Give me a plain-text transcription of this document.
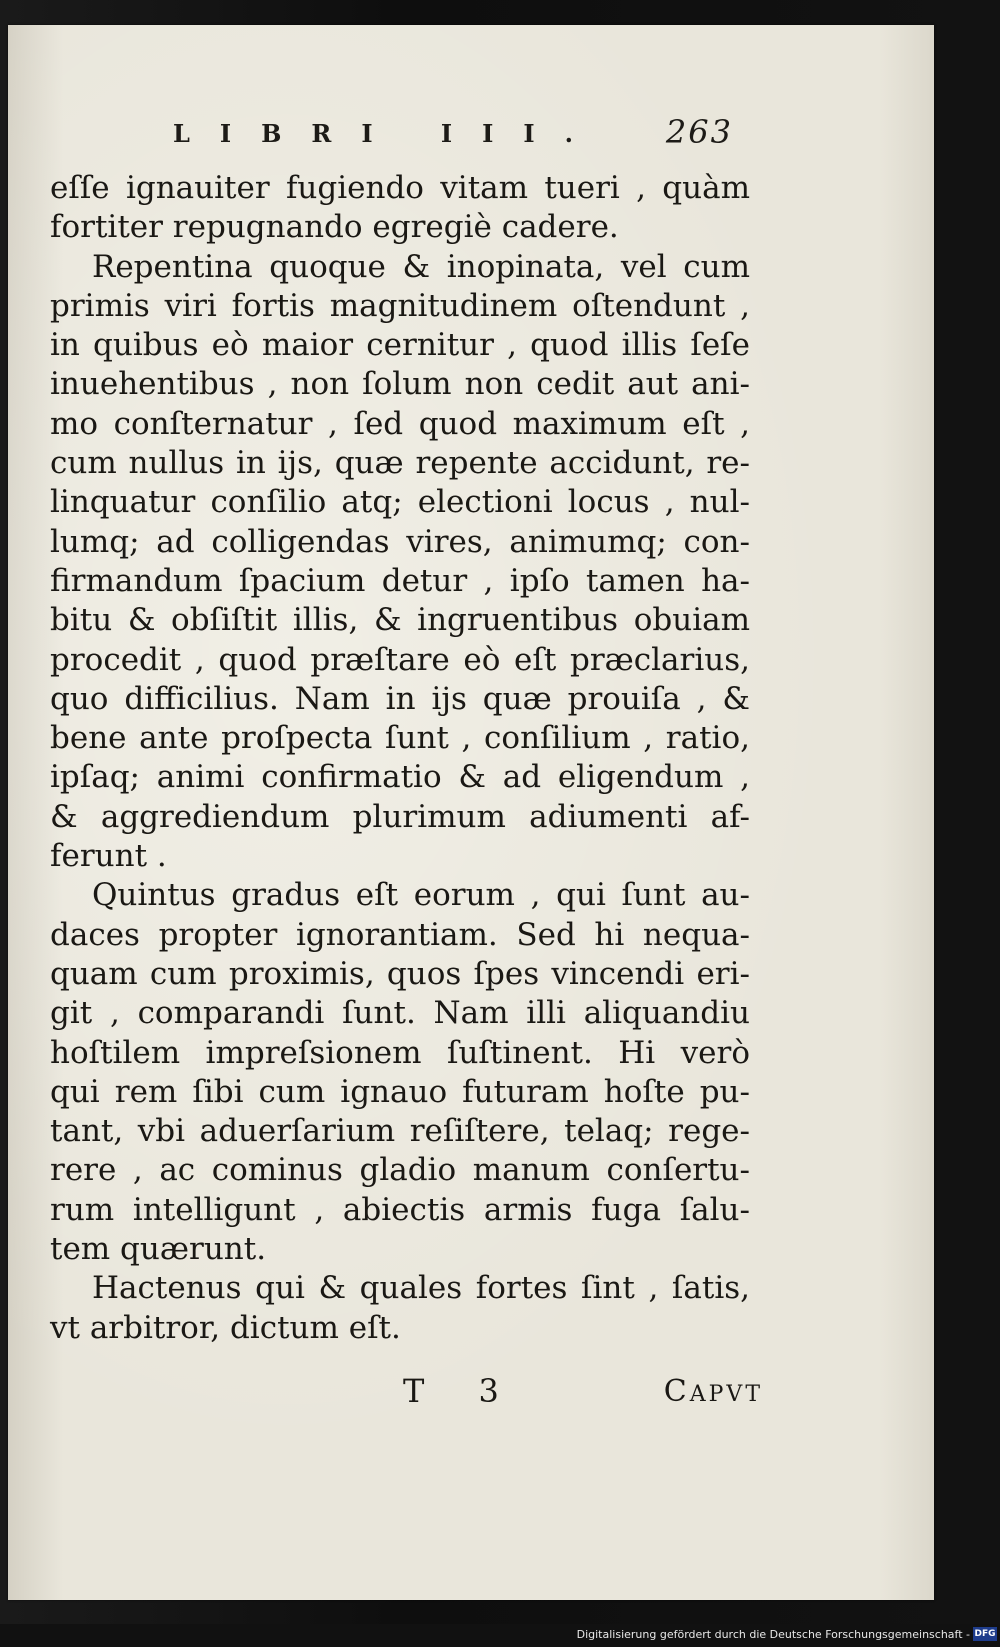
LIBRI III. 263
eſſe ignauiter fugiendo vitam tueri , quàm
fortiter repugnando egregiè cadere.
Repentina quoque & inopinata, vel cum
primis viri fortis magnitudinem oſtendunt ,
in quibus eò maior cernitur , quod illis ſeſe
inuehentibus , non ſolum non cedit aut ani-
mo conſternatur , ſed quod maximum eſt ,
cum nullus in ijs, quæ repente accidunt, re-
linquatur conſilio atq; electioni locus , nul-
lumq; ad colligendas vires, animumq; con-
firmandum ſpacium detur , ipſo tamen ha-
bitu & obſiſtit illis, & ingruentibus obuiam
procedit , quod præſtare eò eſt præclarius,
quo difficilius. Nam in ijs quæ prouiſa , &
bene ante proſpecta ſunt , conſilium , ratio,
ipſaq; animi confirmatio & ad eligendum ,
& aggrediendum plurimum adiumenti af-
ferunt .
Quintus gradus eſt eorum , qui ſunt au-
daces propter ignorantiam. Sed hi nequa-
quam cum proximis, quos ſpes vincendi eri-
git , comparandi ſunt. Nam illi aliquandiu
hoſtilem impreſsionem ſuſtinent. Hi verò
qui rem ſibi cum ignauo futuram hoſte pu-
tant, vbi aduerſarium reſiſtere, telaq; rege-
rere , ac cominus gladio manum conſertu-
rum intelligunt , abiectis armis fuga ſalu-
tem quærunt.
Hactenus qui & quales fortes ſint , ſatis,
vt arbitror, dictum eſt.
T 3	CAPVT
Digitalisierung gefördert durch die Deutsche Forschungsgemeinschaft - DFG
